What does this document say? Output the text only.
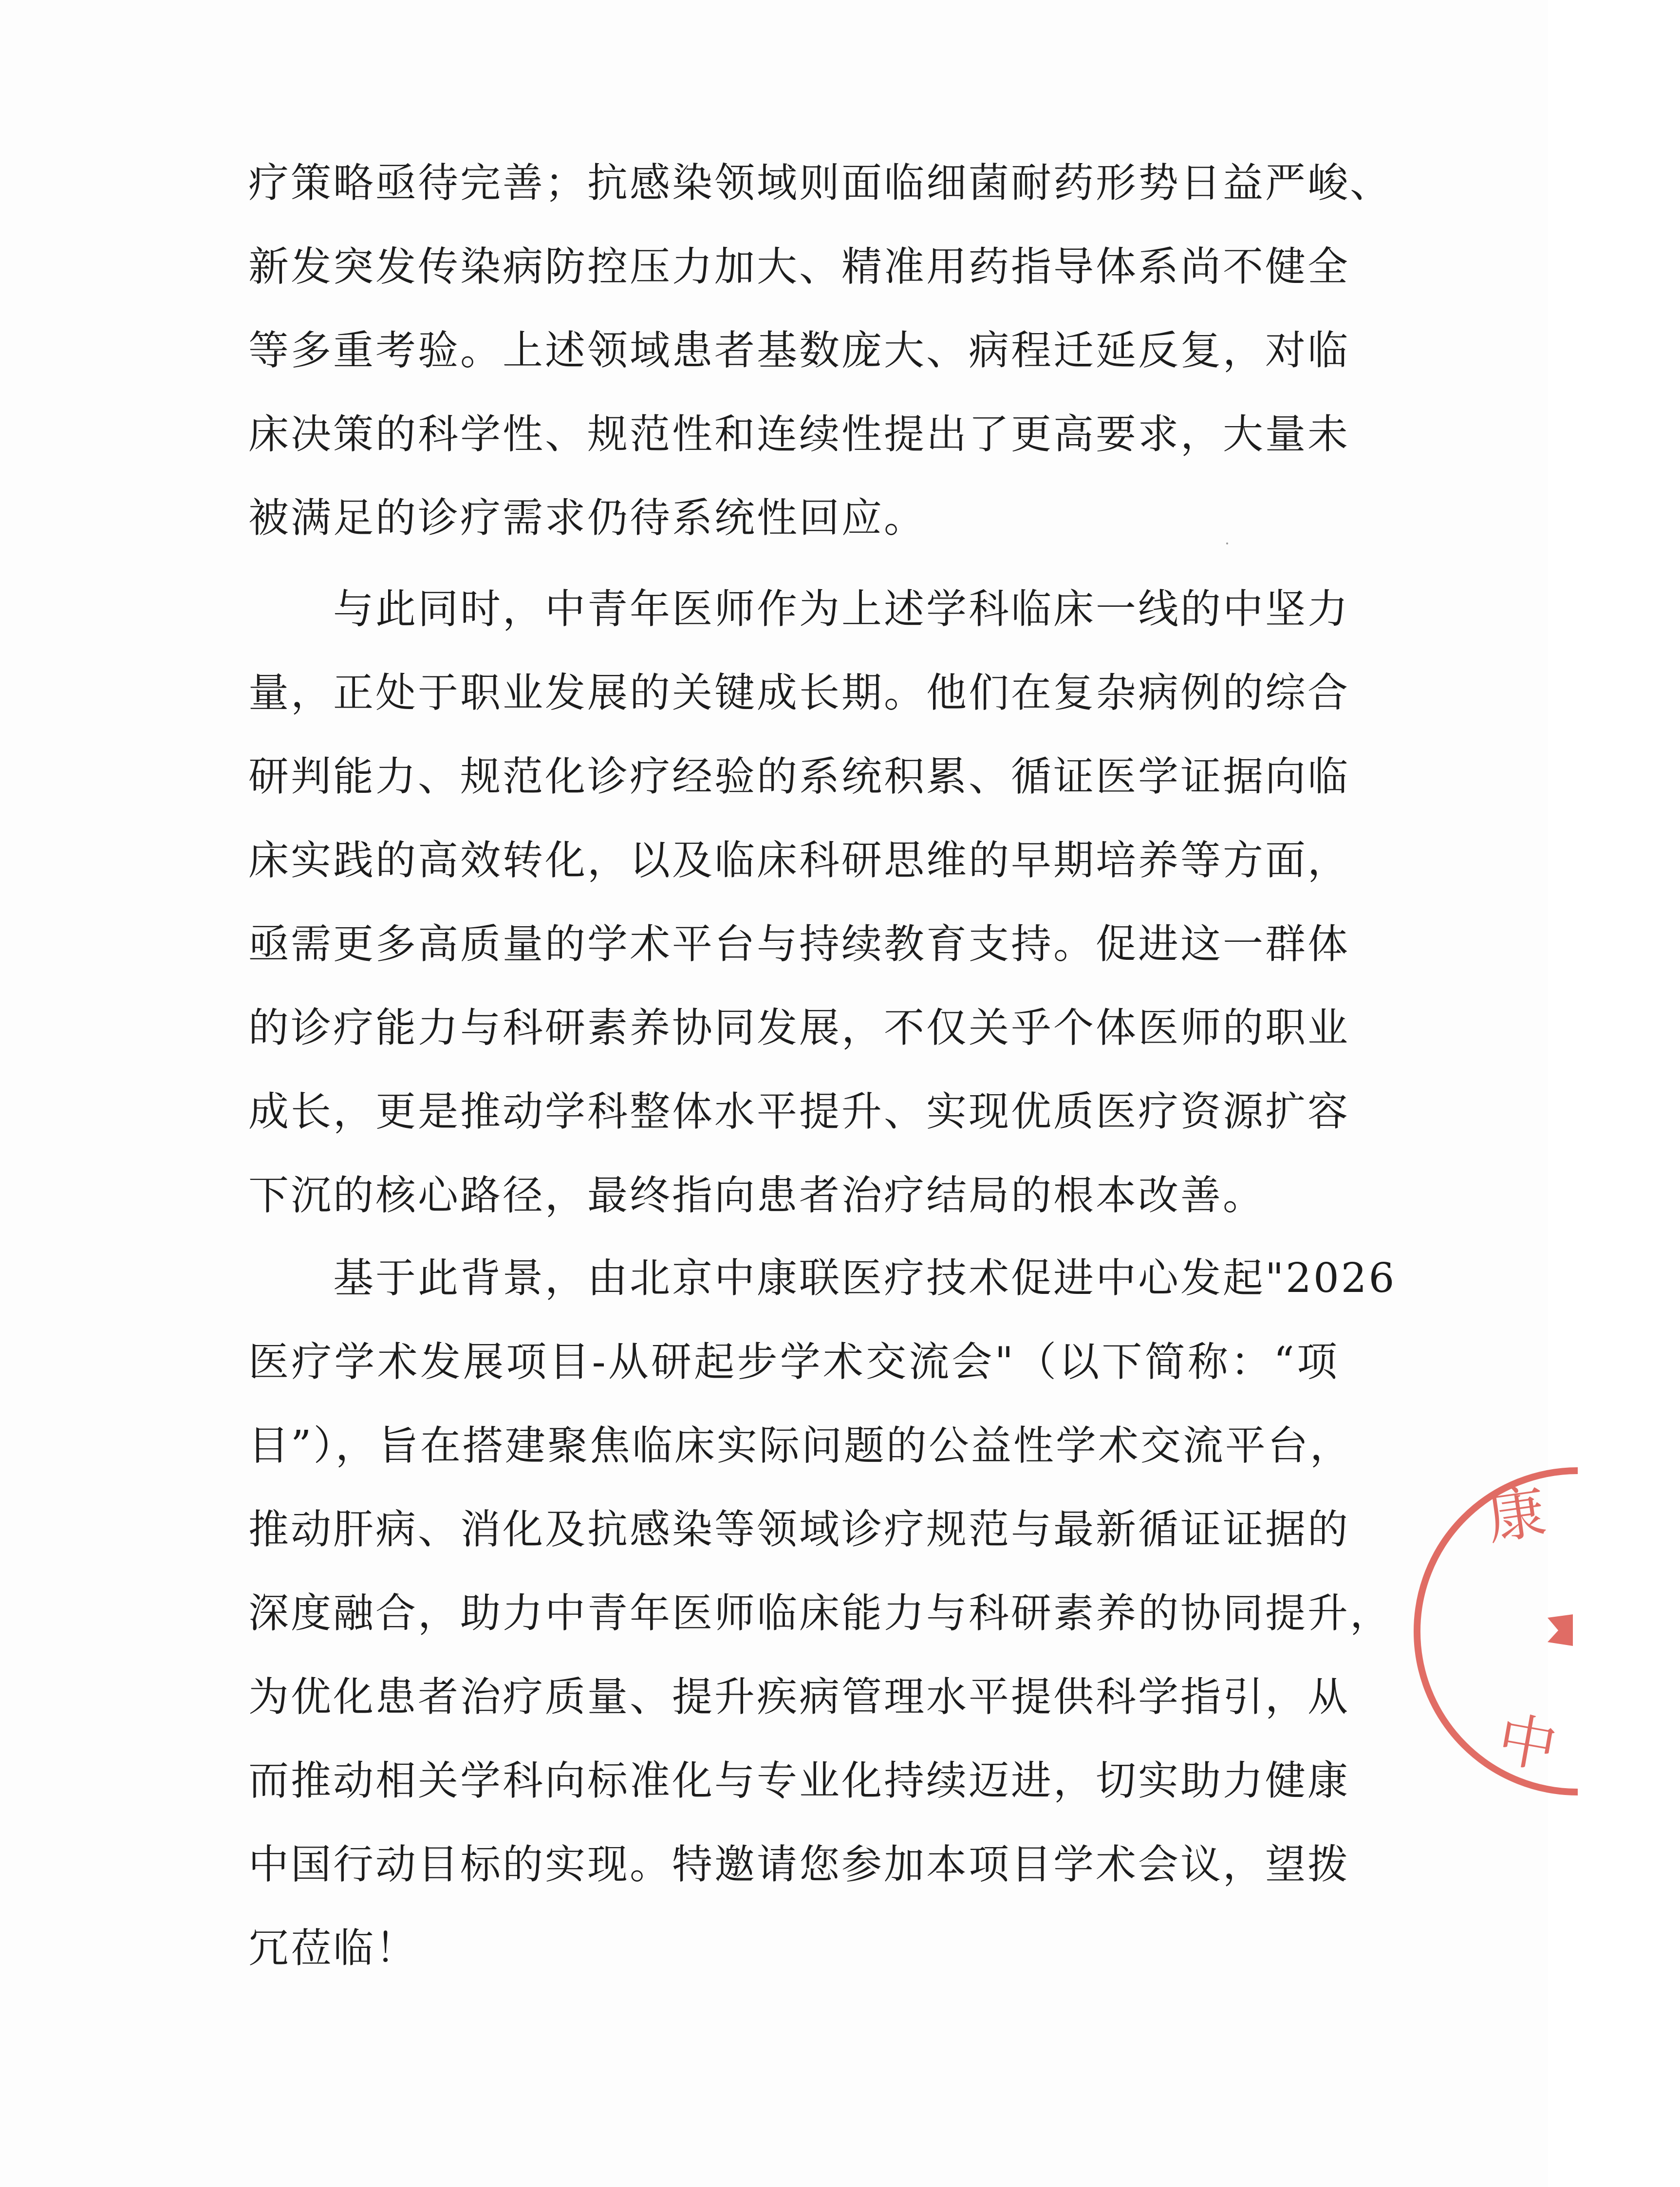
疗策略亟待完善；抗感染领域则面临细菌耐药形势日益严峻、
新发突发传染病防控压力加大、精准用药指导体系尚不健全
等多重考验。上述领域患者基数庞大、病程迁延反复，对临
床决策的科学性、规范性和连续性提出了更高要求，大量未
被满足的诊疗需求仍待系统性回应。
　　与此同时，中青年医师作为上述学科临床一线的中坚力
量，正处于职业发展的关键成长期。他们在复杂病例的综合
研判能力、规范化诊疗经验的系统积累、循证医学证据向临
床实践的高效转化，以及临床科研思维的早期培养等方面，
亟需更多高质量的学术平台与持续教育支持。促进这一群体
的诊疗能力与科研素养协同发展，不仅关乎个体医师的职业
成长，更是推动学科整体水平提升、实现优质医疗资源扩容
下沉的核心路径，最终指向患者治疗结局的根本改善。
　　基于此背景，由北京中康联医疗技术促进中心发起"2026
医疗学术发展项目-从研起步学术交流会"（以下简称：“项
目”），旨在搭建聚焦临床实际问题的公益性学术交流平台，
推动肝病、消化及抗感染等领域诊疗规范与最新循证证据的
深度融合，助力中青年医师临床能力与科研素养的协同提升，
为优化患者治疗质量、提升疾病管理水平提供科学指引，从
而推动相关学科向标准化与专业化持续迈进，切实助力健康
中国行动目标的实现。特邀请您参加本项目学术会议，望拨
冗莅临！
康
中
